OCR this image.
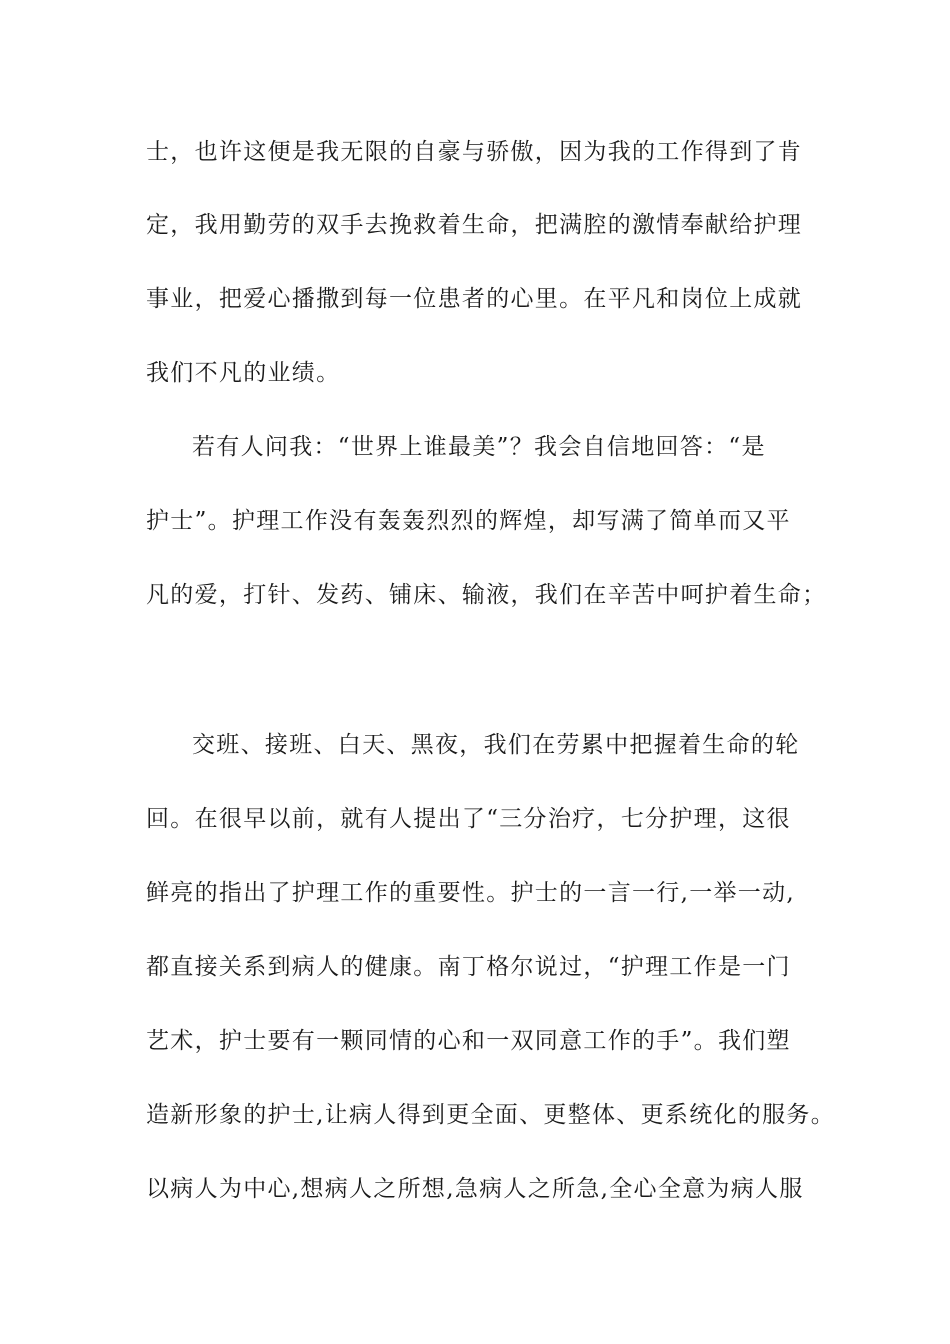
士，也许这便是我无限的自豪与骄傲，因为我的工作得到了肯
定，我用勤劳的双手去挽救着生命，把满腔的激情奉献给护理
事业，把爱心播撒到每一位患者的心里。在平凡和岗位上成就
我们不凡的业绩。
若有人问我：“世界上谁最美”？我会自信地回答：“是
护士”。护理工作没有轰轰烈烈的辉煌，却写满了简单而又平
凡的爱，打针、发药、铺床、输液，我们在辛苦中呵护着生命；
交班、接班、白天、黑夜，我们在劳累中把握着生命的轮
回。在很早以前，就有人提出了“三分治疗，七分护理，这很
鲜亮的指出了护理工作的重要性。护士的一言一行,一举一动,
都直接关系到病人的健康。南丁格尔说过，“护理工作是一门
艺术，护士要有一颗同情的心和一双同意工作的手”。我们塑
造新形象的护士,让病人得到更全面、更整体、更系统化的服务。
以病人为中心,想病人之所想,急病人之所急,全心全意为病人服
